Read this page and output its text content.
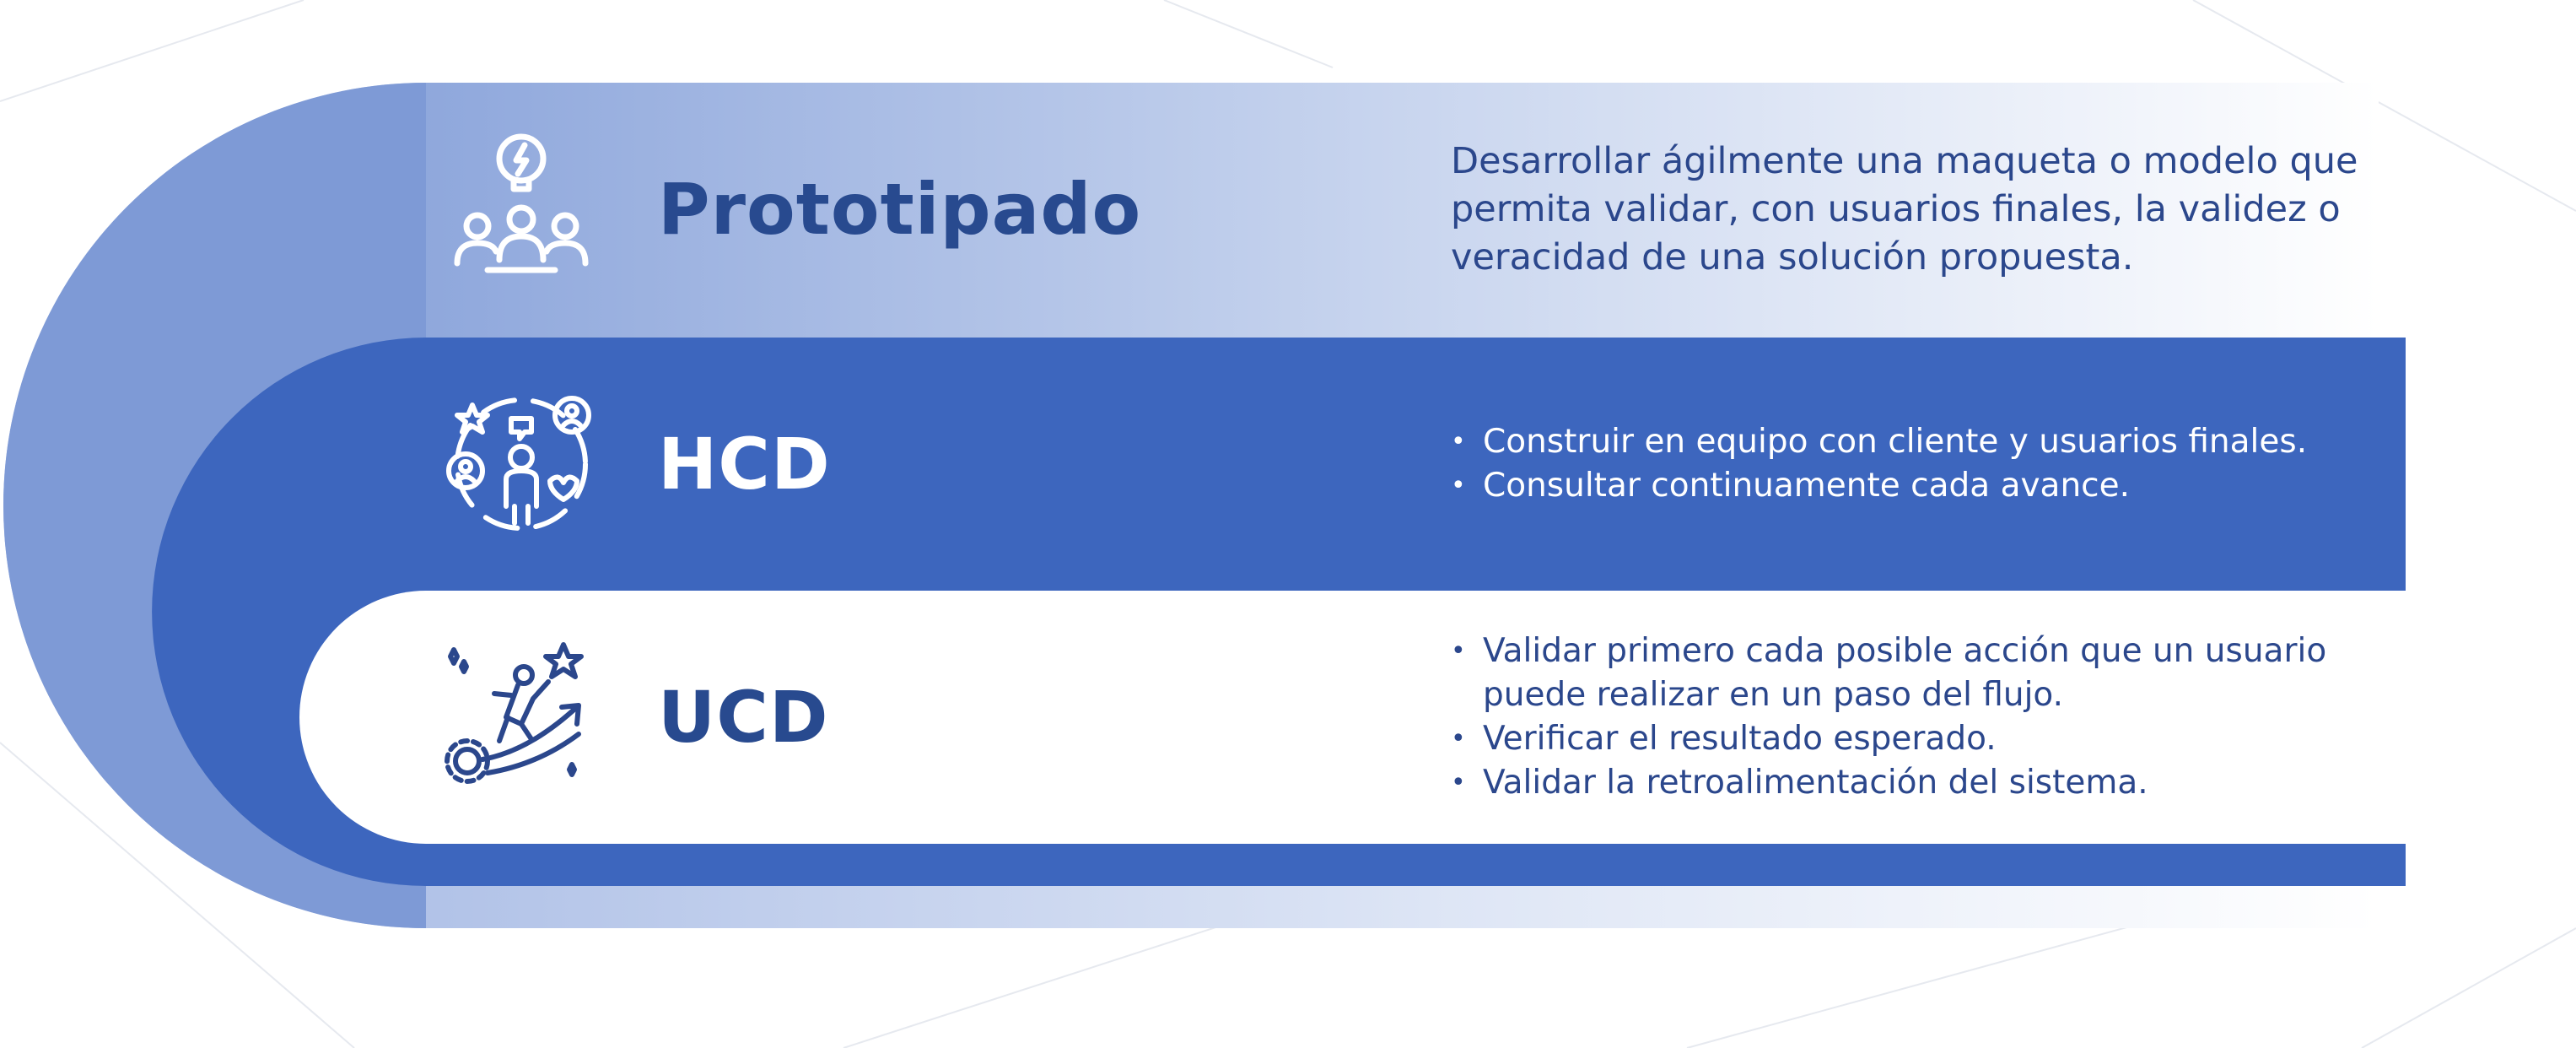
Prototipado
Desarrollar ágilmente una maqueta o modelo que permita validar, con usuarios finales, la validez o veracidad de una solución propuesta.
HCD
•	Construir en equipo con cliente y usuarios finales.
• Consultar continuamente cada avance.
UCD
• Validar primero cada posible acción que un usuario puede realizar en un paso del flujo.
• Verificar el resultado esperado.
• Validar la retroalimentación del sistema.
